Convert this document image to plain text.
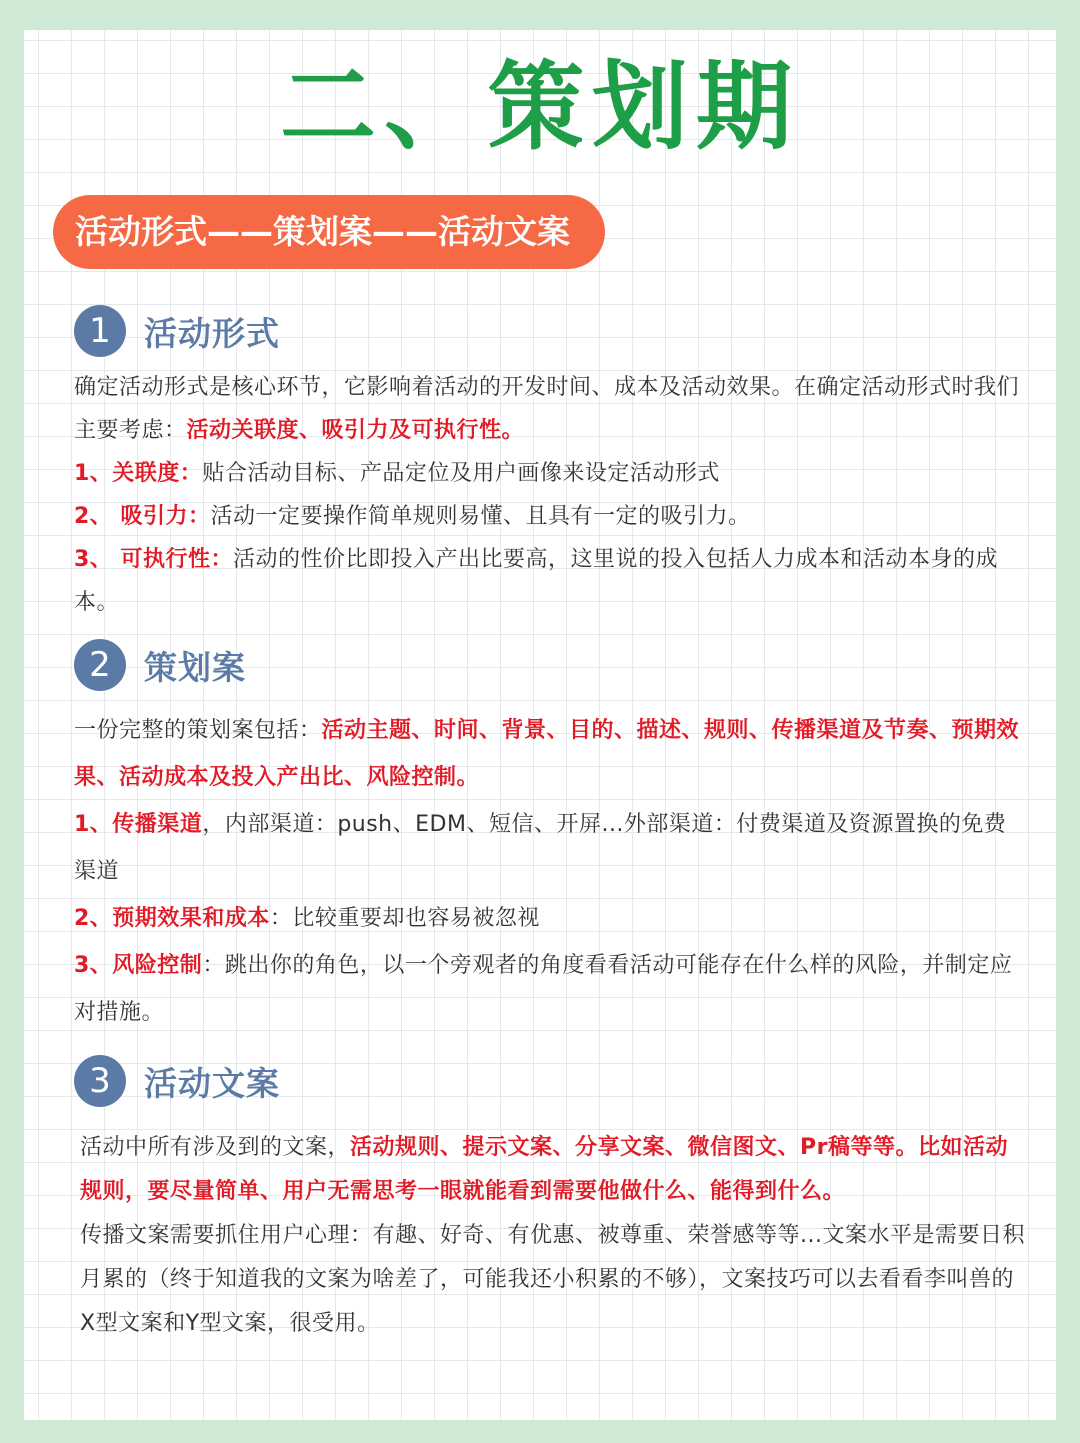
二、策划期
活动形式——策划案——活动文案
1	活动形式

确定活动形式是核心环节，它影响着活动的开发时间、成本及活动效果。在确定活动形式时我们主要考虑：活动关联度、吸引力及可执行性。

1、关联度：贴合活动目标、产品定位及用户画像来设定活动形式

2、 吸引力：活动一定要操作简单规则易懂、且具有一定的吸引力。

3、 可执行性：活动的性价比即投入产出比要高，这里说的投入包括人力成本和活动本身的成本。

2	策划案

一份完整的策划案包括：活动主题、时间、背景、目的、描述、规则、传播渠道及节奏、预期效果、活动成本及投入产出比、风险控制。

1、传播渠道，内部渠道：push、EDM、短信、开屏...外部渠道：付费渠道及资源置换的免费渠道

2、预期效果和成本：比较重要却也容易被忽视

3、风险控制：跳出你的角色，以一个旁观者的角度看看活动可能存在什么样的风险，并制定应对措施。

3	活动文案

活动中所有涉及到的文案，活动规则、提示文案、分享文案、微信图文、Pr稿等等。比如活动规则，要尽量简单、用户无需思考一眼就能看到需要他做什么、能得到什么。

传播文案需要抓住用户心理：有趣、好奇、有优惠、被尊重、荣誉感等等...文案水平是需要日积月累的（终于知道我的文案为啥差了，可能我还小积累的不够），文案技巧可以去看看李叫兽的X型文案和Y型文案，很受用。
